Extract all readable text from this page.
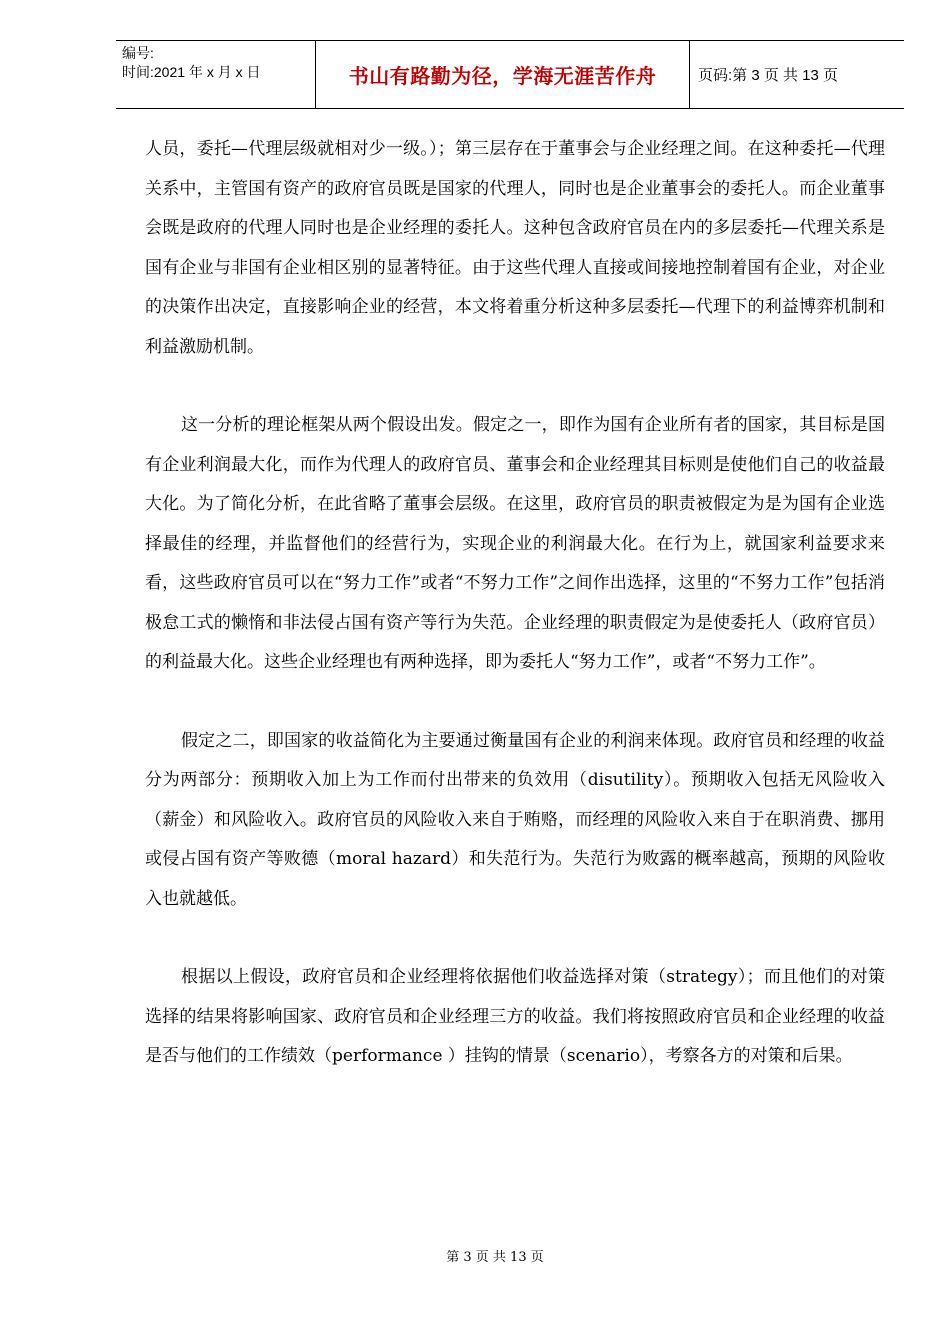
编号:
时间:2021 年 x 月 x 日	书山有路勤为径，学海无涯苦作舟	页码:第 3 页 共 13 页

人员，委托—代理层级就相对少一级。）；第三层存在于董事会与企业经理之间。在这种委托—代理关系中，主管国有资产的政府官员既是国家的代理人，同时也是企业董事会的委托人。而企业董事会既是政府的代理人同时也是企业经理的委托人。这种包含政府官员在内的多层委托—代理关系是国有企业与非国有企业相区别的显著特征。由于这些代理人直接或间接地控制着国有企业，对企业的决策作出决定，直接影响企业的经营，本文将着重分析这种多层委托—代理下的利益博弈机制和利益激励机制。

这一分析的理论框架从两个假设出发。假定之一，即作为国有企业所有者的国家，其目标是国有企业利润最大化，而作为代理人的政府官员、董事会和企业经理其目标则是使他们自己的收益最大化。为了简化分析，在此省略了董事会层级。在这里，政府官员的职责被假定为是为国有企业选择最佳的经理，并监督他们的经营行为，实现企业的利润最大化。在行为上，就国家利益要求来看，这些政府官员可以在“努力工作”或者“不努力工作”之间作出选择，这里的“不努力工作”包括消极怠工式的懒惰和非法侵占国有资产等行为失范。企业经理的职责假定为是使委托人（政府官员）的利益最大化。这些企业经理也有两种选择，即为委托人“努力工作”，或者“不努力工作”。

假定之二，即国家的收益简化为主要通过衡量国有企业的利润来体现。政府官员和经理的收益分为两部分：预期收入加上为工作而付出带来的负效用（disutility）。预期收入包括无风险收入（薪金）和风险收入。政府官员的风险收入来自于贿赂，而经理的风险收入来自于在职消费、挪用或侵占国有资产等败德（moral hazard）和失范行为。失范行为败露的概率越高，预期的风险收入也就越低。

根据以上假设，政府官员和企业经理将依据他们收益选择对策（strategy）；而且他们的对策选择的结果将影响国家、政府官员和企业经理三方的收益。我们将按照政府官员和企业经理的收益是否与他们的工作绩效（performance ）挂钩的情景（scenario），考察各方的对策和后果。

第 3 页 共 13 页
